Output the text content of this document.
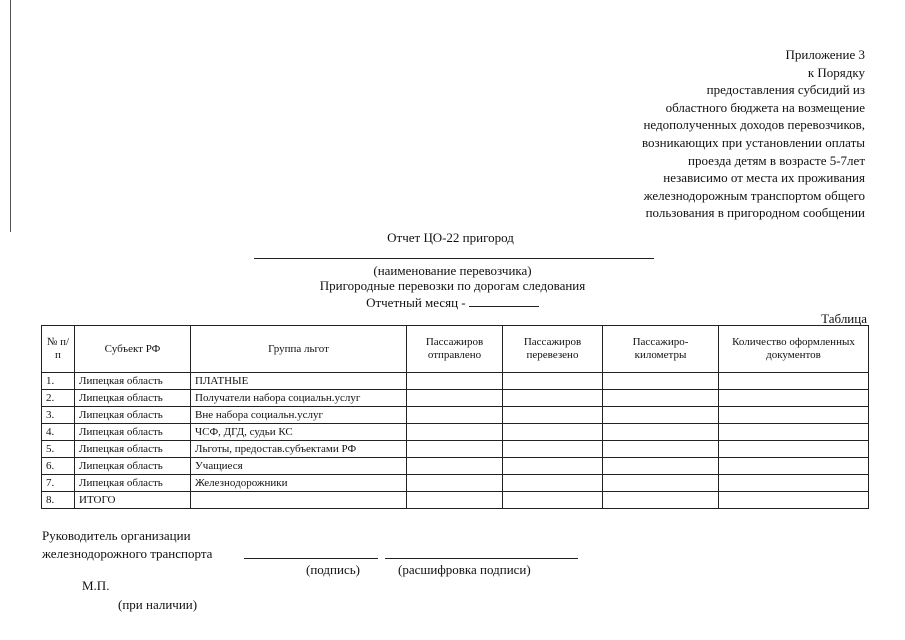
Приложение 3
к Порядку
предоставления субсидий из
областного бюджета на возмещение
недополученных доходов перевозчиков,
возникающих при установлении оплаты
проезда детям в возрасте 5-7лет
независимо от места их проживания
железнодорожным транспортом общего
пользования в пригородном сообщении
Отчет ЦО-22 пригород
(наименование перевозчика)
Пригородные перевозки по дорогам следования
Отчетный месяц -
Таблица
№ п/п	Субъект РФ	Группа льгот	Пассажиров отправлено	Пассажиров перевезено	Пассажиро-километры	Количество оформленных документов
1.	Липецкая область	ПЛАТНЫЕ				
2.	Липецкая область	Получатели набора социальн.услуг				
3.	Липецкая область	Вне набора социальн.услуг				
4.	Липецкая область	ЧСФ, ДГД, судьи КС				
5.	Липецкая область	Льготы, предостав.субъектами РФ				
6.	Липецкая область	Учащиеся				
7.	Липецкая область	Железнодорожники				
8.	ИТОГО					
Руководитель организации
железнодорожного транспорта
(подпись)	(расшифровка подписи)
М.П.
(при наличии)
